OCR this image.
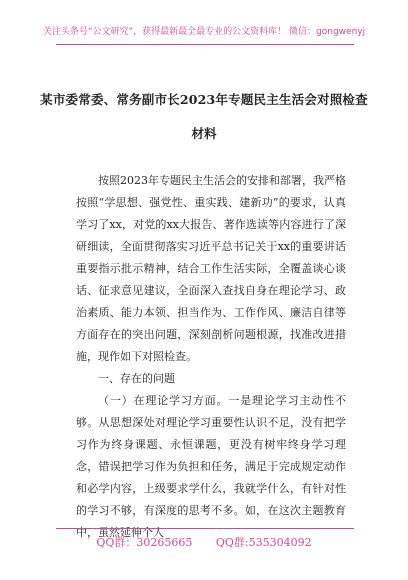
关注头条号“公文研究”，获得最新最全最专业的公文资料库！ 微信：gongwenyj
某市委常委、常务副市长2023年专题民主生活会对照检查
材料

按照2023年专题民主生活会的安排和部署，我严格按照“学思想、强党性、重实践、建新功”的要求，认真学习了xx，对党的xx大报告、著作选读等内容进行了深研细读，全面贯彻落实习近平总书记关于xx的重要讲话重要指示批示精神，结合工作生活实际，全覆盖谈心谈话、征求意见建议，全面深入查找自身在理论学习、政治素质、能力本领、担当作为、工作作风、廉洁自律等方面存在的突出问题，深刻剖析问题根源，找准改进措施，现作如下对照检查。

一、存在的问题

（一）在理论学习方面。一是理论学习主动性不够。从思想深处对理论学习重要性认识不足，没有把学习作为终身课题、永恒课题，更没有树牢终身学习理念，错误把学习作为负担和任务，满足于完成规定动作和必学内容，上级要求学什么，我就学什么，有针对性的学习不够，有深度的思考不多。如，在这次主题教育中，虽然延伸个人

QQ群：30265665 QQ群:535304092
